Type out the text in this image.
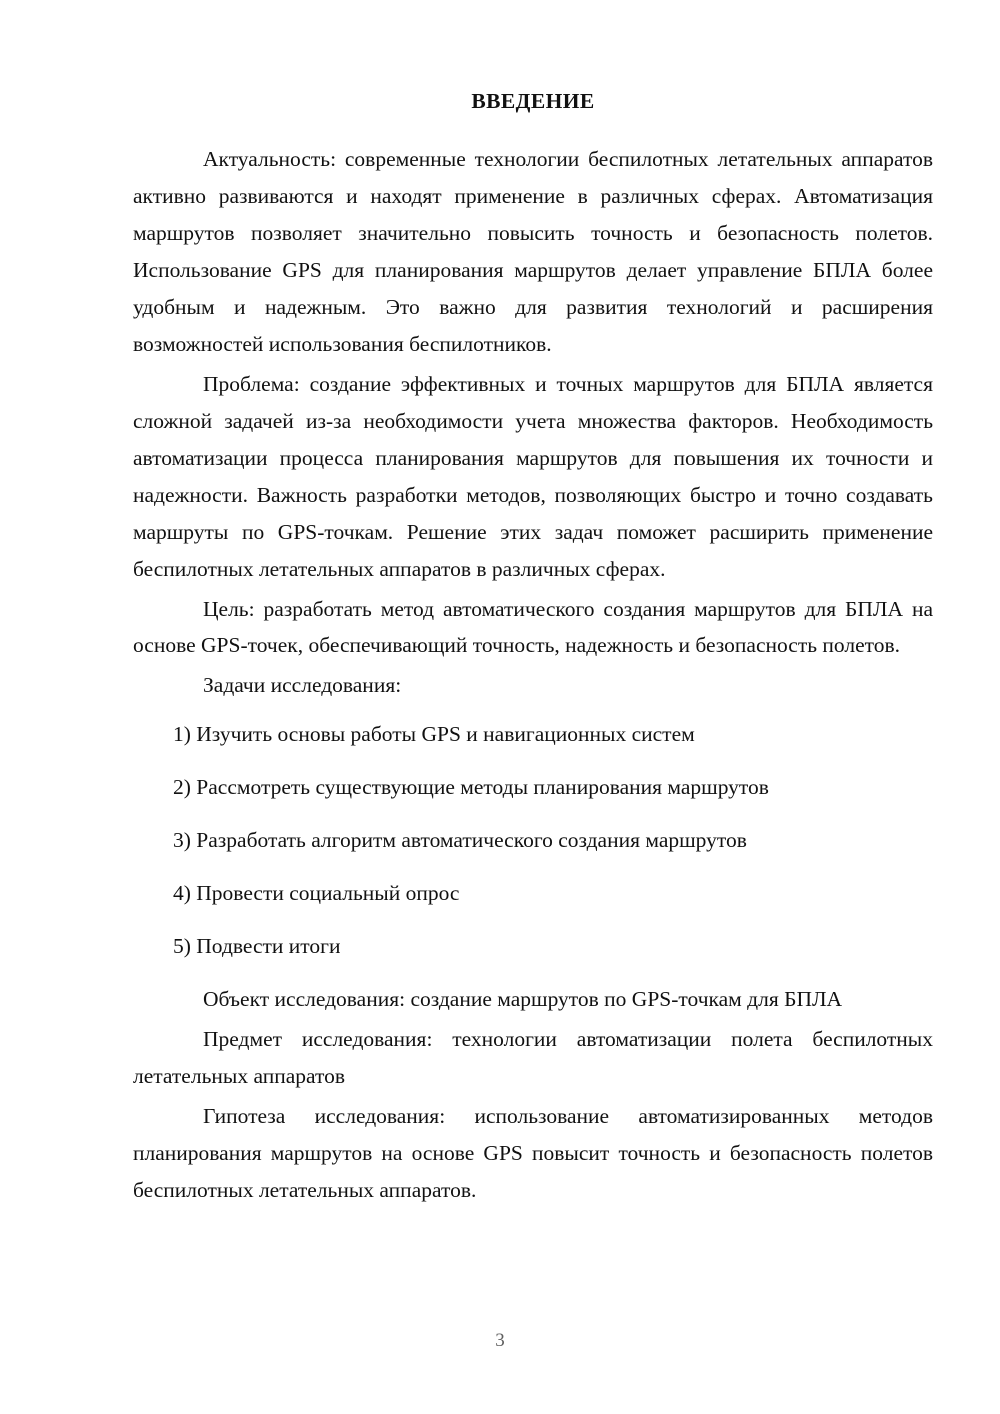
ВВЕДЕНИЕ

Актуальность: современные технологии беспилотных летательных аппаратов активно развиваются и находят применение в различных сферах. Автоматизация маршрутов позволяет значительно повысить точность и безопасность полетов. Использование GPS для планирования маршрутов делает управление БПЛА более удобным и надежным. Это важно для развития технологий и расширения возможностей использования беспилотников.

Проблема: создание эффективных и точных маршрутов для БПЛА является сложной задачей из-за необходимости учета множества факторов. Необходимость автоматизации процесса планирования маршрутов для повышения их точности и надежности. Важность разработки методов, позволяющих быстро и точно создавать маршруты по GPS-точкам. Решение этих задач поможет расширить применение беспилотных летательных аппаратов в различных сферах.

Цель: разработать метод автоматического создания маршрутов для БПЛА на основе GPS-точек, обеспечивающий точность, надежность и безопасность полетов.

Задачи исследования:

1) Изучить основы работы GPS и навигационных систем
2) Рассмотреть существующие методы планирования маршрутов
3) Разработать алгоритм автоматического создания маршрутов
4) Провести социальный опрос
5) Подвести итоги

Объект исследования: создание маршрутов по GPS-точкам для БПЛА

Предмет исследования: технологии автоматизации полета беспилотных летательных аппаратов

Гипотеза исследования: использование автоматизированных методов планирования маршрутов на основе GPS повысит точность и безопасность полетов беспилотных летательных аппаратов.

3
